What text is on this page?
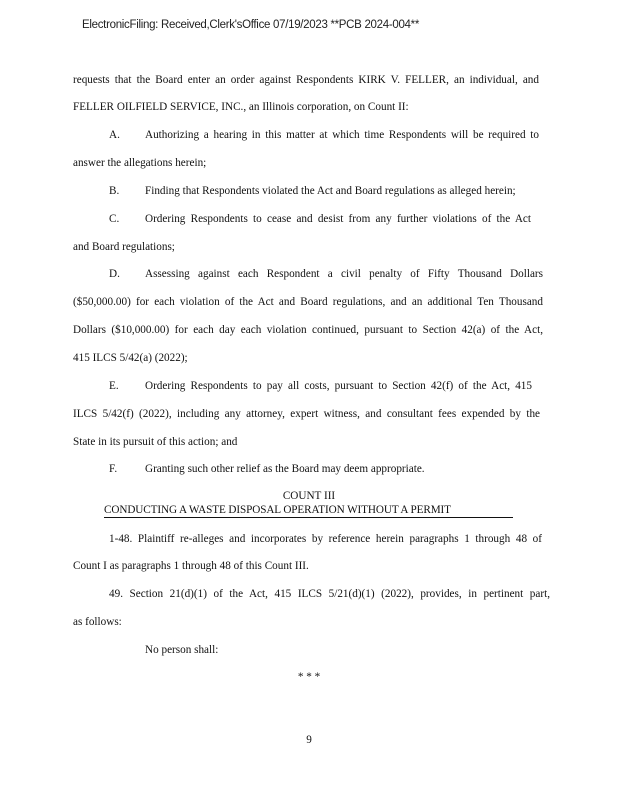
ElectronicFiling: Received,Clerk'sOffice 07/19/2023 **PCB 2024-004**
requests that the Board enter an order against Respondents KIRK V. FELLER, an individual, and
FELLER OILFIELD SERVICE, INC., an Illinois corporation, on Count II:
A. Authorizing a hearing in this matter at which time Respondents will be required to
answer the allegations herein;
B. Finding that Respondents violated the Act and Board regulations as alleged herein;
C. Ordering Respondents to cease and desist from any further violations of the Act
and Board regulations;
D. Assessing against each Respondent a civil penalty of Fifty Thousand Dollars
($50,000.00) for each violation of the Act and Board regulations, and an additional Ten Thousand
Dollars ($10,000.00) for each day each violation continued, pursuant to Section 42(a) of the Act,
415 ILCS 5/42(a) (2022);
E. Ordering Respondents to pay all costs, pursuant to Section 42(f) of the Act, 415
ILCS 5/42(f) (2022), including any attorney, expert witness, and consultant fees expended by the
State in its pursuit of this action; and
F. Granting such other relief as the Board may deem appropriate.
COUNT III
CONDUCTING A WASTE DISPOSAL OPERATION WITHOUT A PERMIT
1-48. Plaintiff re-alleges and incorporates by reference herein paragraphs 1 through 48 of
Count I as paragraphs 1 through 48 of this Count III.
49. Section 21(d)(1) of the Act, 415 ILCS 5/21(d)(1) (2022), provides, in pertinent part,
as follows:
No person shall:
* * *
9
